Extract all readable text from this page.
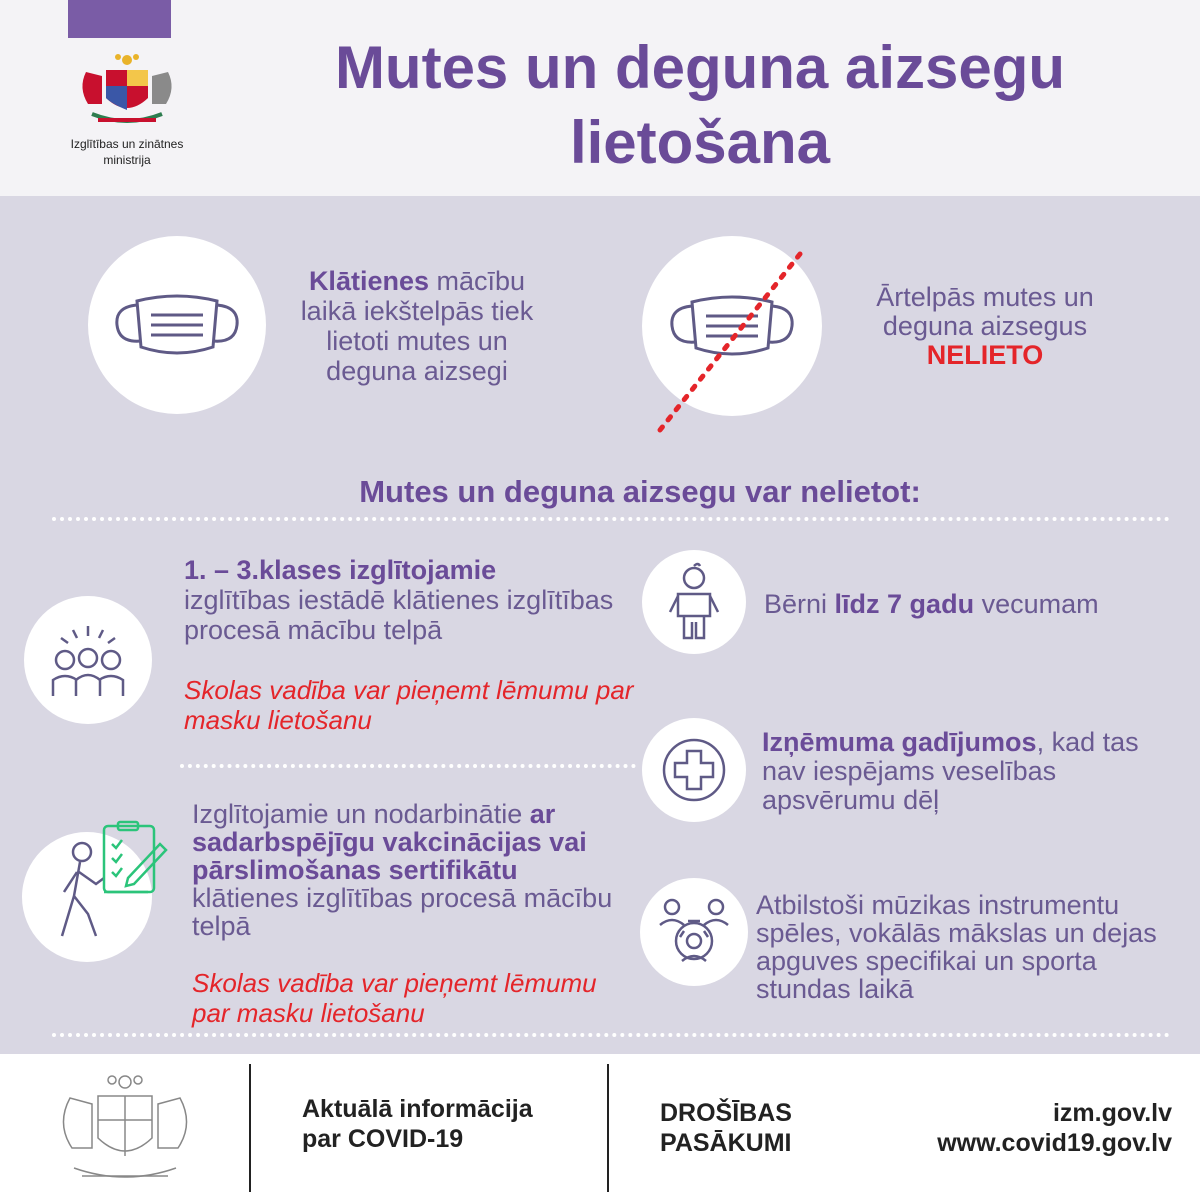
Izglītības un zinātnes
ministrija
Mutes un deguna aizsegu
lietošana
Klātienes mācību laikā iekštelpās tiek lietoti mutes un deguna aizsegi
Ārtelpās mutes un deguna aizsegus
NELIETO
Mutes un deguna aizsegu var nelietot:
1. – 3.klases izglītojamie
izglītības iestādē klātienes izglītības procesā mācību telpā
Skolas vadība var pieņemt lēmumu par masku lietošanu
Izglītojamie un nodarbinātie ar sadarbspējīgu vakcinācijas vai pārslimošanas sertifikātu klātienes izglītības procesā mācību telpā
Skolas vadība var pieņemt lēmumu par masku lietošanu
Bērni līdz 7 gadu vecumam
Izņēmuma gadījumos, kad tas nav iespējams veselības apsvērumu dēļ
Atbilstoši mūzikas instrumentu spēles, vokālās mākslas un dejas apguves specifikai un sporta stundas laikā
Aktuālā informācija
par COVID-19
DROŠĪBAS
PASĀKUMI
izm.gov.lv
www.covid19.gov.lv
